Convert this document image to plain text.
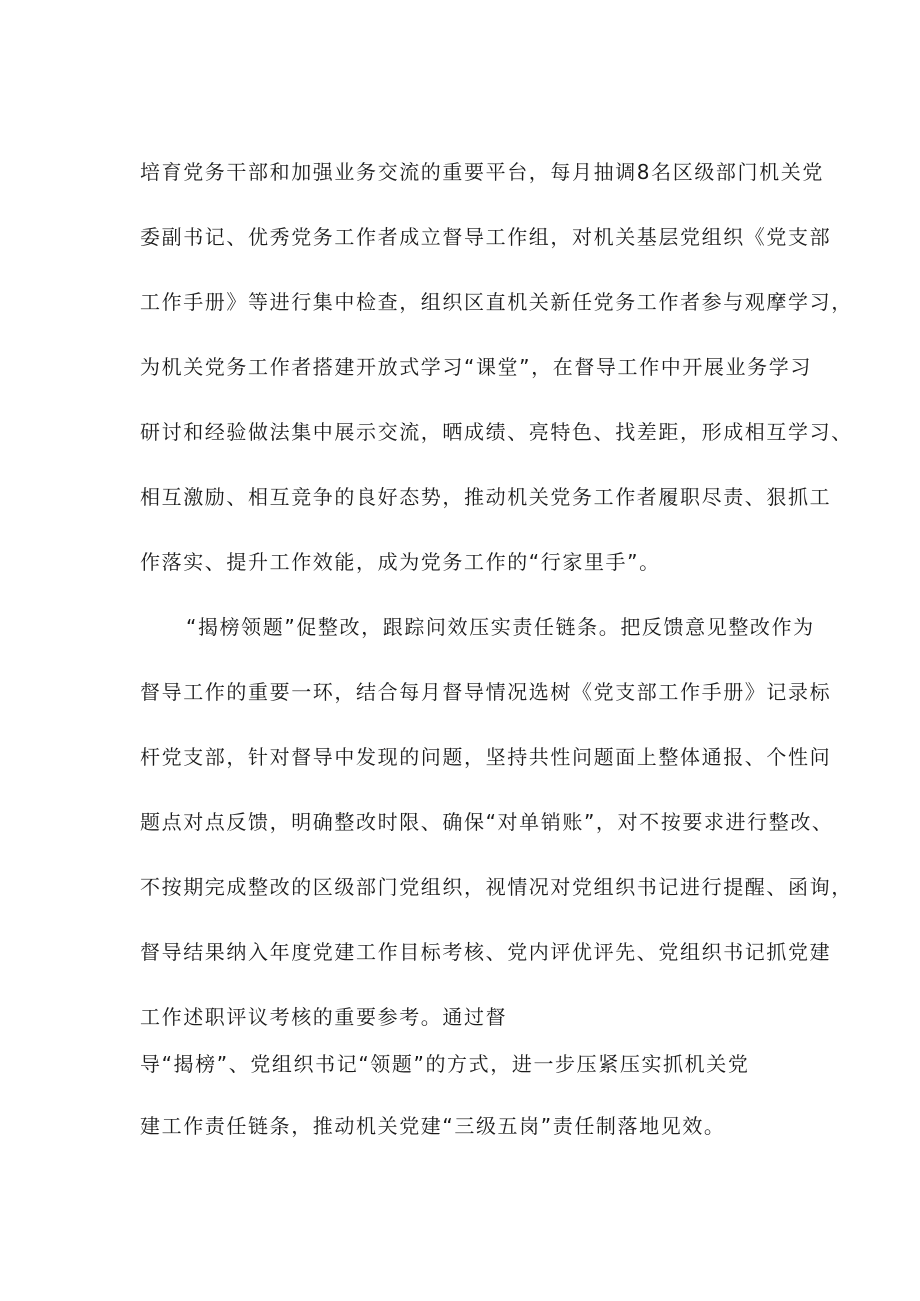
培育党务干部和加强业务交流的重要平台，每月抽调8名区级部门机关党
委副书记、优秀党务工作者成立督导工作组，对机关基层党组织《党支部
工作手册》等进行集中检查，组织区直机关新任党务工作者参与观摩学习，
为机关党务工作者搭建开放式学习“课堂”，在督导工作中开展业务学习
研讨和经验做法集中展示交流，晒成绩、亮特色、找差距，形成相互学习、
相互激励、相互竞争的良好态势，推动机关党务工作者履职尽责、狠抓工
作落实、提升工作效能，成为党务工作的“行家里手”。
“揭榜领题”促整改，跟踪问效压实责任链条。把反馈意见整改作为
督导工作的重要一环，结合每月督导情况选树《党支部工作手册》记录标
杆党支部，针对督导中发现的问题，坚持共性问题面上整体通报、个性问
题点对点反馈，明确整改时限、确保“对单销账”，对不按要求进行整改、
不按期完成整改的区级部门党组织，视情况对党组织书记进行提醒、函询，
督导结果纳入年度党建工作目标考核、党内评优评先、党组织书记抓党建
工作述职评议考核的重要参考。通过督
导“揭榜”、党组织书记“领题”的方式，进一步压紧压实抓机关党
建工作责任链条，推动机关党建“三级五岗”责任制落地见效。
